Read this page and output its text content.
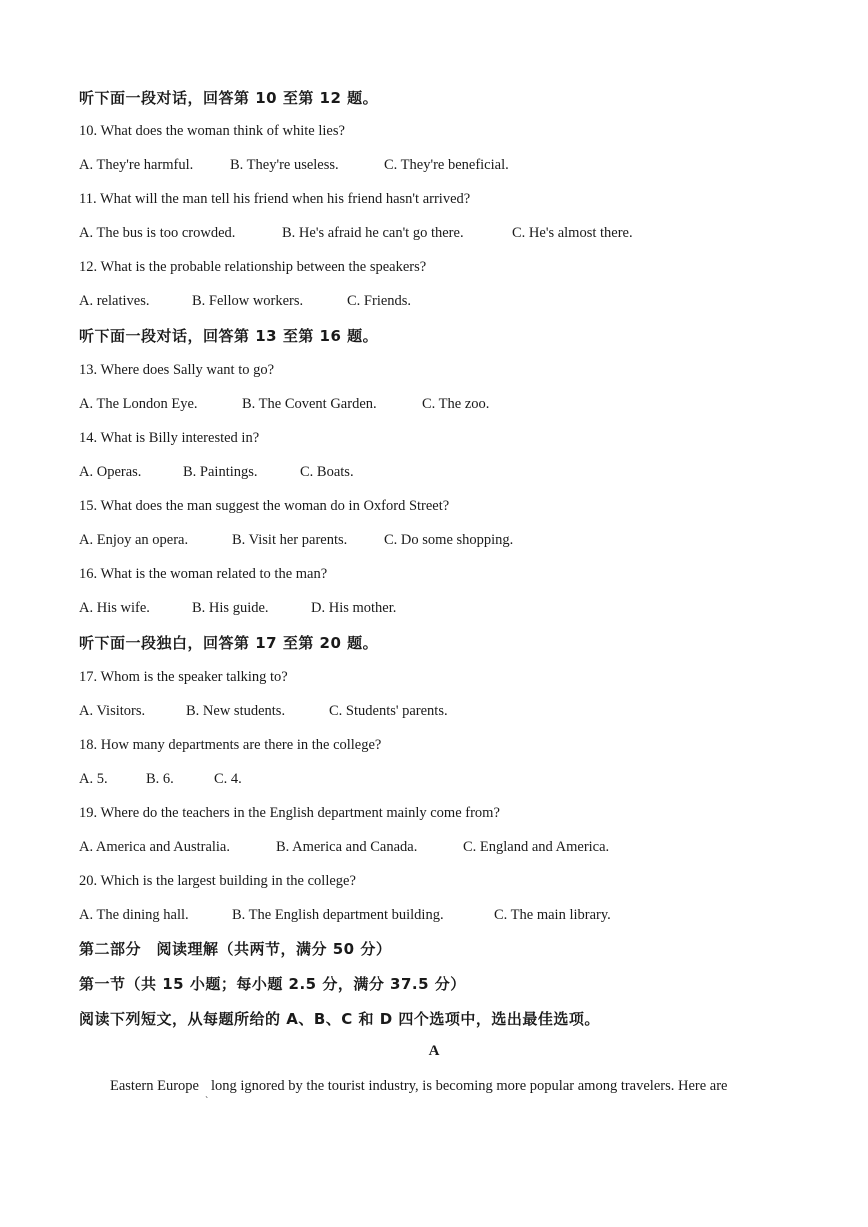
听下面一段对话，回答第 10 至第 12 题。
10. What does the woman think of white lies?
A. They're harmful.	B. They're useless.	C. They're beneficial.
11. What will the man tell his friend when his friend hasn't arrived?
A. The bus is too crowded.	B. He's afraid he can't go there.	C. He's almost there.
12. What is the probable relationship between the speakers?
A. relatives.	B. Fellow workers.	C. Friends.
听下面一段对话，回答第 13 至第 16 题。
13. Where does Sally want to go?
A. The London Eye.	B. The Covent Garden.	C. The zoo.
14. What is Billy interested in?
A. Operas.	B. Paintings.	C. Boats.
15. What does the man suggest the woman do in Oxford Street?
A. Enjoy an opera.	B. Visit her parents.	C. Do some shopping.
16. What is the woman related to the man?
A. His wife.	B. His guide.	D. His mother.
听下面一段独白，回答第 17 至第 20 题。
17. Whom is the speaker talking to?
A. Visitors.	B. New students.	C. Students' parents.
18. How many departments are there in the college?
A. 5.	B. 6.	C. 4.
19. Where do the teachers in the English department mainly come from?
A. America and Australia.	B. America and Canada.	C. England and America.
20. Which is the largest building in the college?
A. The dining hall.	B. The English department building.	C. The main library.
第二部分　阅读理解（共两节，满分 50 分）
第一节（共 15 小题；每小题 2.5 分，满分 37.5 分）
阅读下列短文，从每题所给的 A、B、C 和 D 四个选项中，选出最佳选项。
A
Eastern Europe long ignored by the tourist industry, is becoming more popular among travelers. Here are
`
